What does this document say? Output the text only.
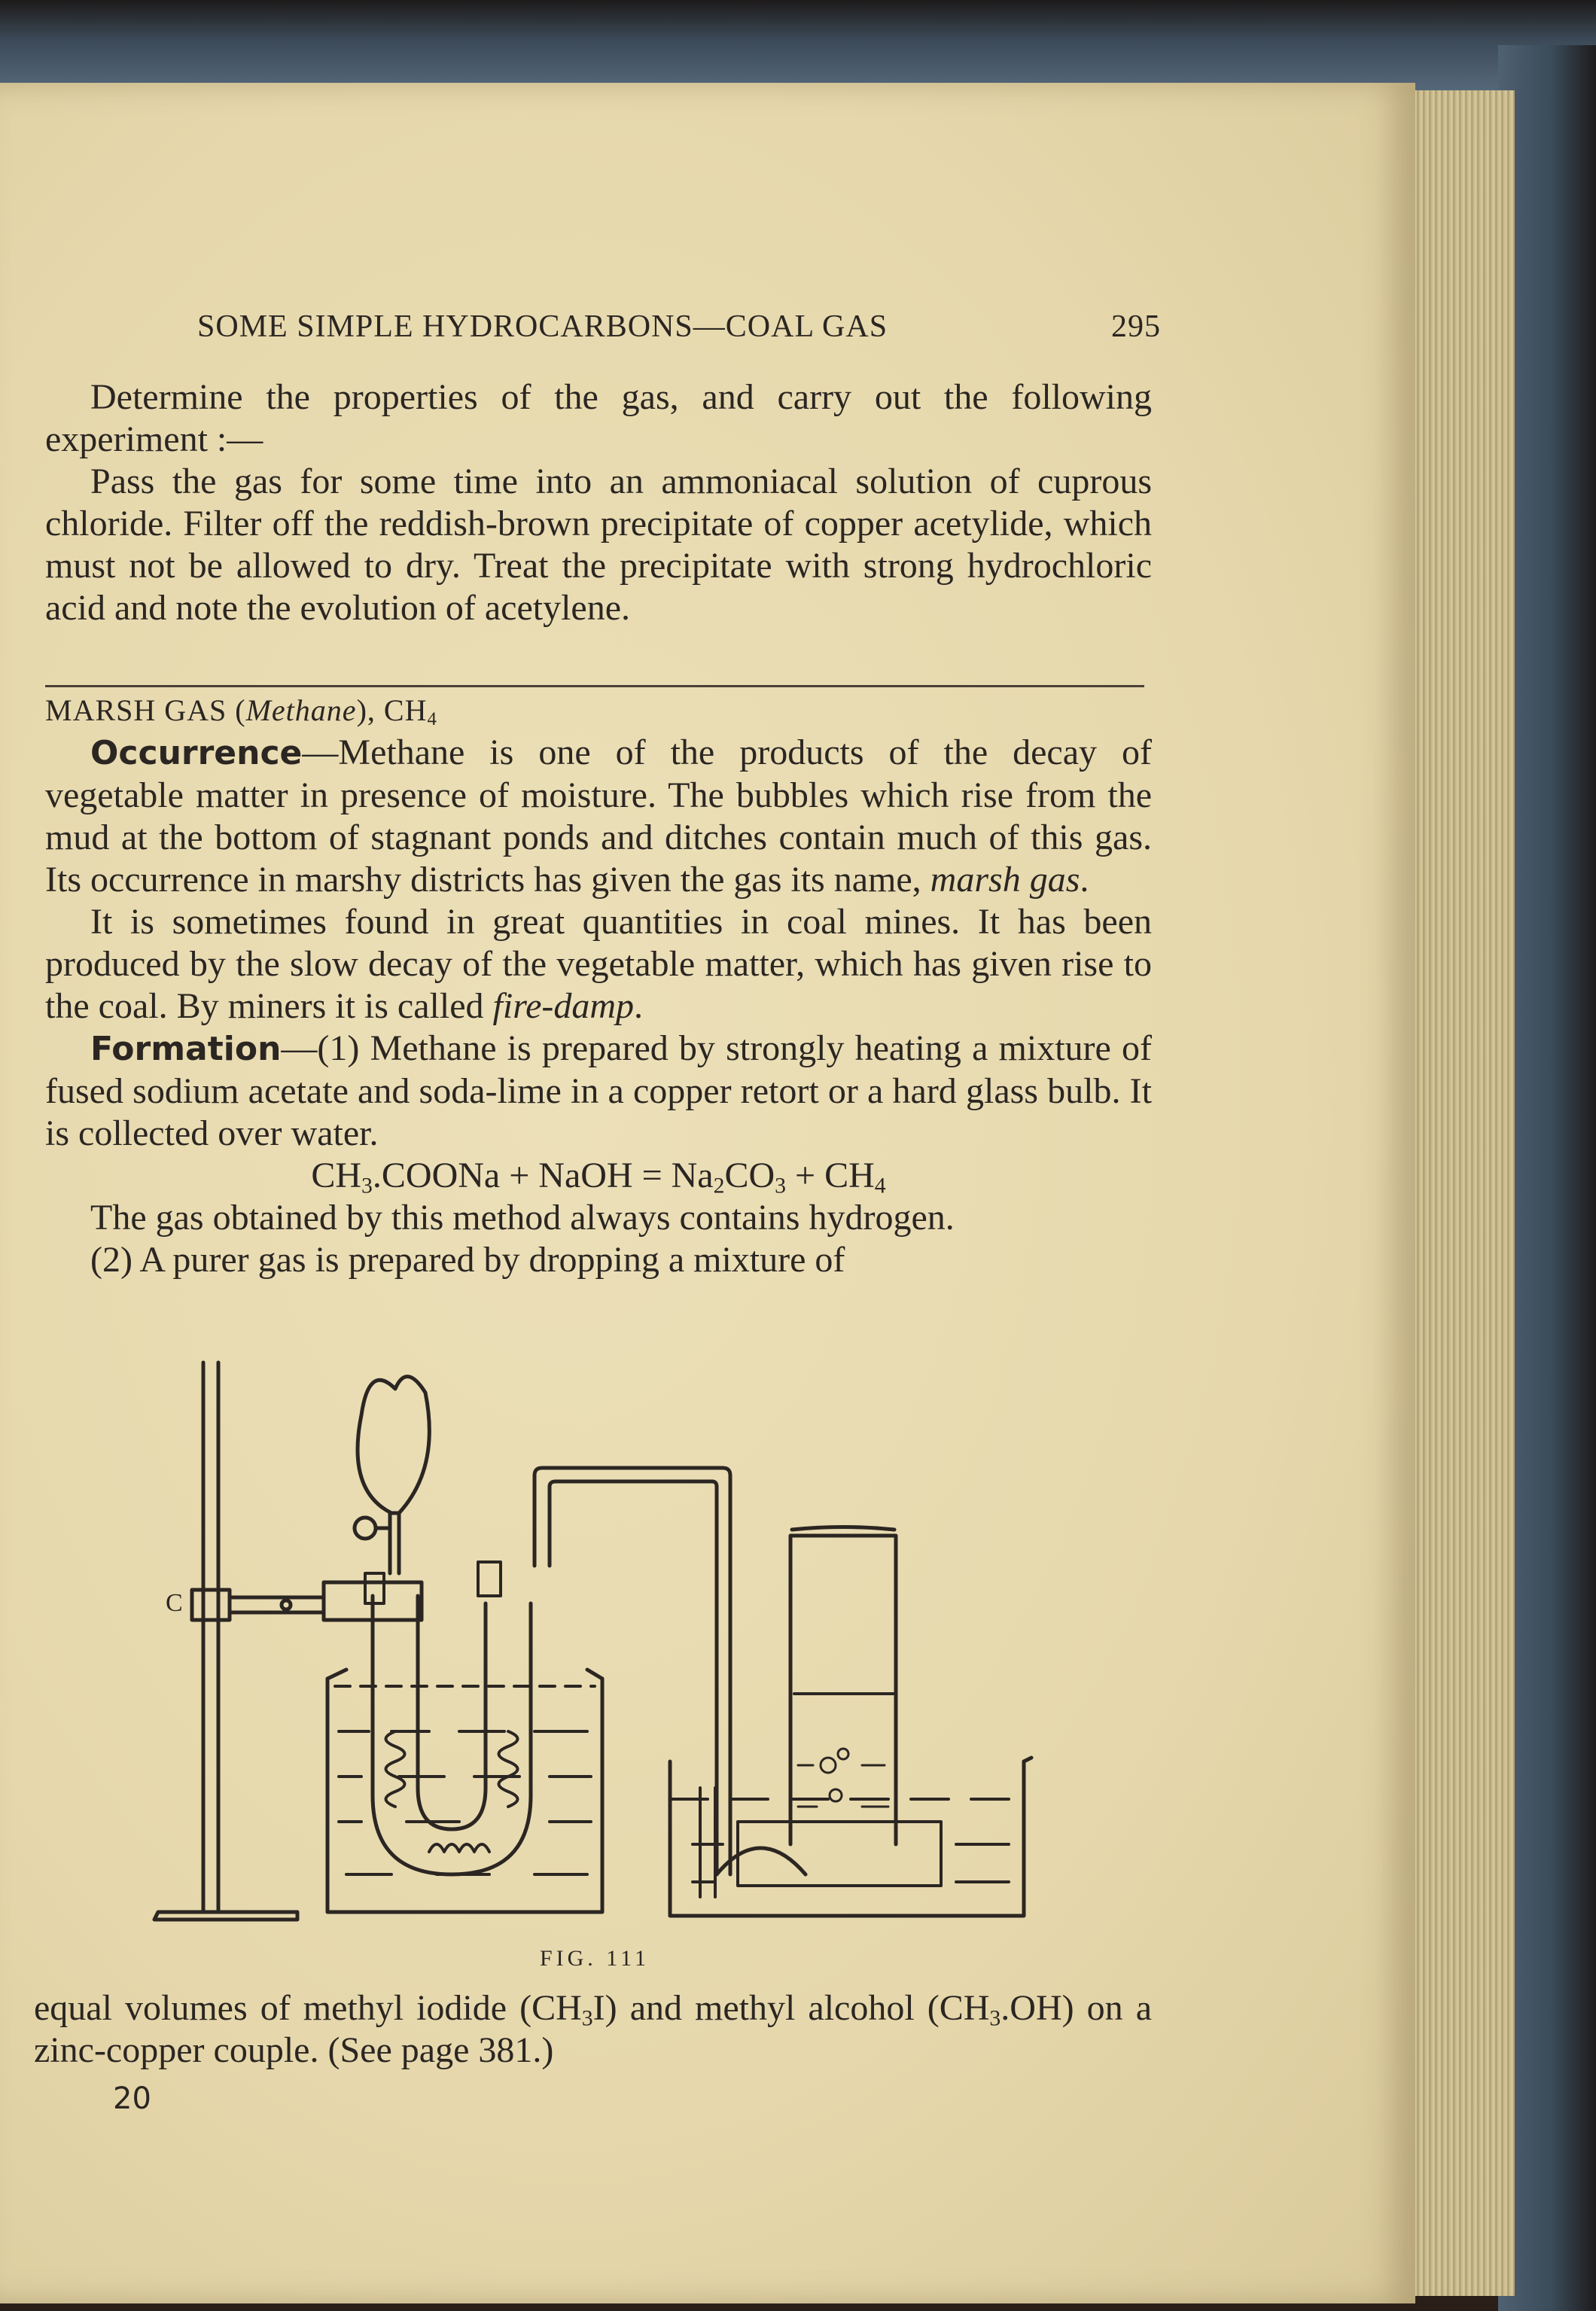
SOME SIMPLE HYDROCARBONS—COAL GAS	295

Determine the properties of the gas, and carry out the following experiment :—

Pass the gas for some time into an ammoniacal solution of cuprous chloride. Filter off the reddish-brown precipitate of copper acetylide, which must not be allowed to dry. Treat the precipitate with strong hydrochloric acid and note the evolution of acetylene.

MARSH GAS (Methane), $CH_4$

Occurrence—Methane is one of the products of the decay of vegetable matter in presence of moisture. The bubbles which rise from the mud at the bottom of stagnant ponds and ditches contain much of this gas. Its occurrence in marshy districts has given the gas its name, marsh gas.

It is sometimes found in great quantities in coal mines. It has been produced by the slow decay of the vegetable matter, which has given rise to the coal. By miners it is called fire-damp.

Formation—(1) Methane is prepared by strongly heating a mixture of fused sodium acetate and soda-lime in a copper retort or a hard glass bulb. It is collected over water.

$CH_3.COONa$ + NaOH = $Na_2CO_3 + CH_4$

The gas obtained by this method always contains hydrogen.

(2) A purer gas is prepared by dropping a mixture of

C
FIG. 111

equal volumes of methyl iodide $(CH_3I)$ and methyl alcohol $(CH_3.OH)$ on a zinc-copper couple. (See page 381.)

20
